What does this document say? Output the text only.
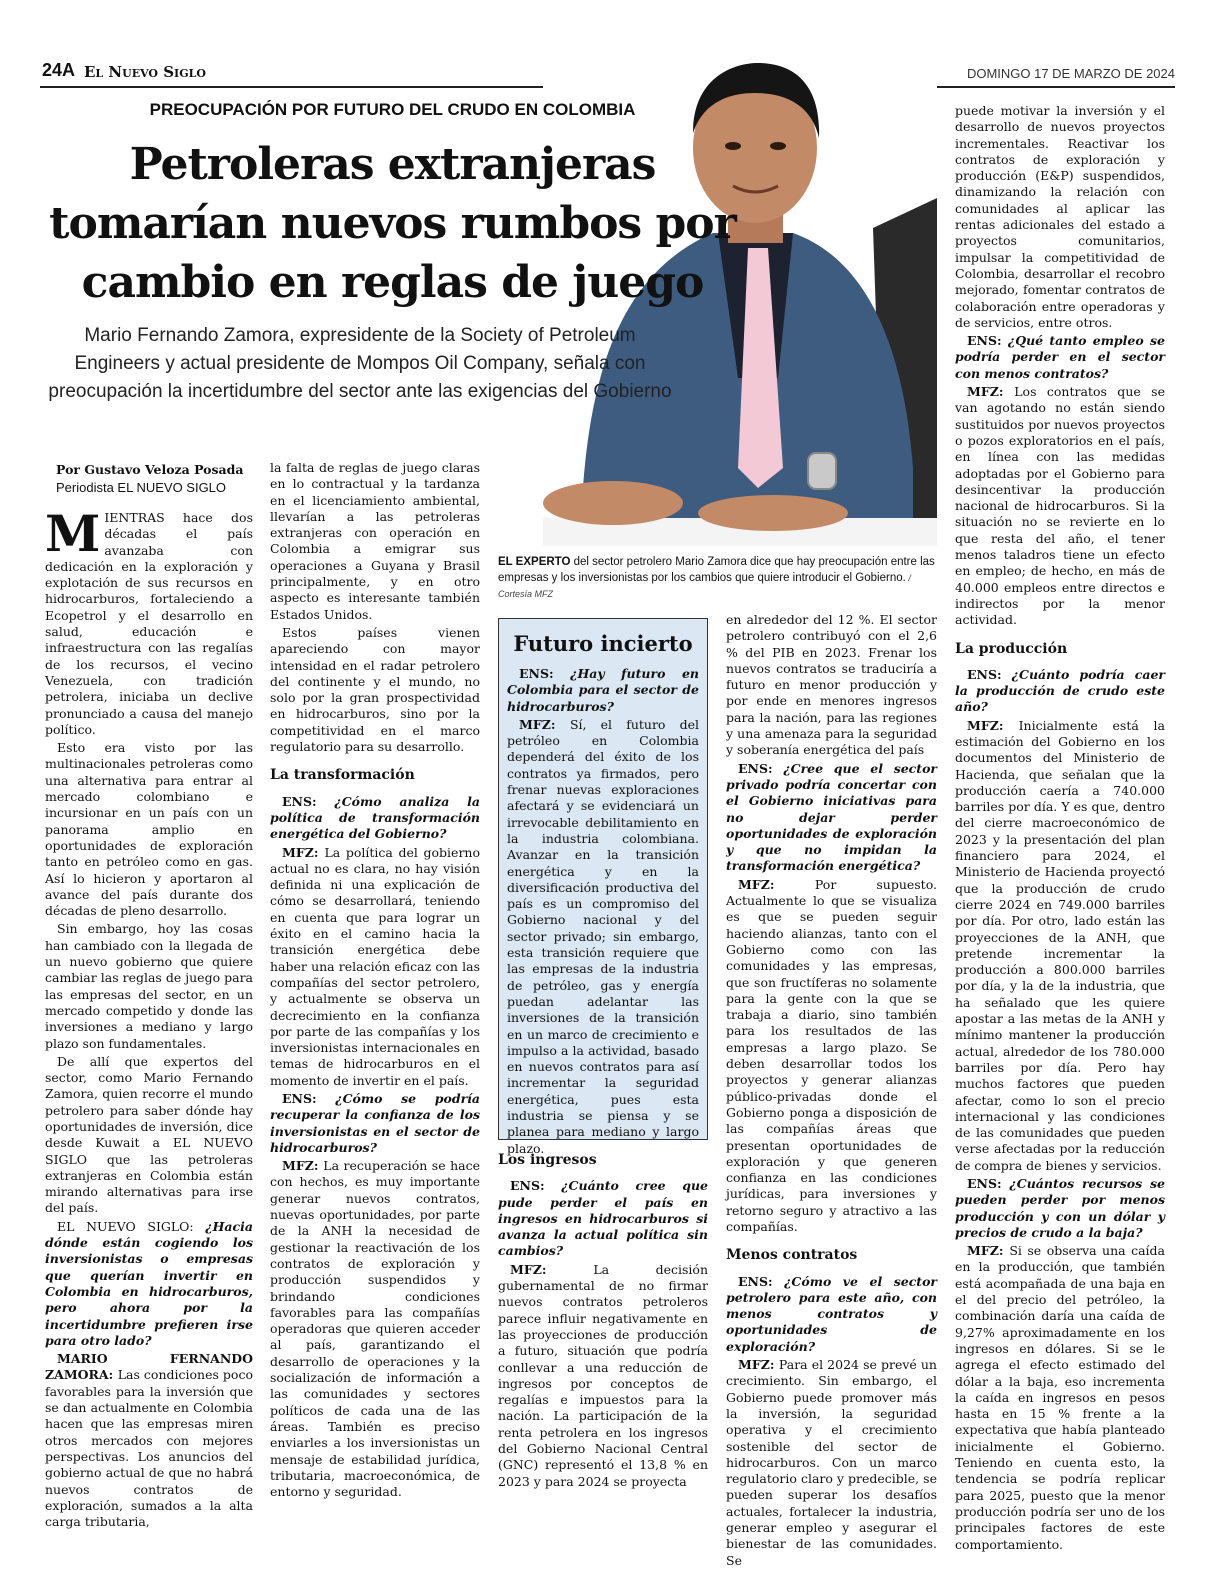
24A El Nuevo Siglo	DOMINGO 17 DE MARZO DE 2024
PREOCUPACIÓN POR FUTURO DEL CRUDO EN COLOMBIA
Petroleras extranjeras tomarían nuevos rumbos por cambio en reglas de juego
Mario Fernando Zamora, expresidente de la Society of Petroleum Engineers y actual presidente de Mompos Oil Company, señala con preocupación la incertidumbre del sector ante las exigencias del Gobierno
EL EXPERTO del sector petrolero Mario Zamora dice que hay preocupación entre las empresas y los inversionistas por los cambios que quiere introducir el Gobierno. / Cortesía MFZ
Por Gustavo Veloza Posada
Periodista EL NUEVO SIGLO

MIENTRAS hace dos décadas el país avanzaba con dedicación en la exploración y explotación de sus recursos en hidrocarburos, fortaleciendo a Ecopetrol y el desarrollo en salud, educación e infraestructura con las regalías de los recursos, el vecino Venezuela, con tradición petrolera, iniciaba un declive pronunciado a causa del manejo político.

Esto era visto por las multinacionales petroleras como una alternativa para entrar al mercado colombiano e incursionar en un país con un panorama amplio en oportunidades de exploración tanto en petróleo como en gas. Así lo hicieron y aportaron al avance del país durante dos décadas de pleno desarrollo.

Sin embargo, hoy las cosas han cambiado con la llegada de un nuevo gobierno que quiere cambiar las reglas de juego para las empresas del sector, en un mercado competido y donde las inversiones a mediano y largo plazo son fundamentales.

De allí que expertos del sector, como Mario Fernando Zamora, quien recorre el mundo petrolero para saber dónde hay oportunidades de inversión, dice desde Kuwait a EL NUEVO SIGLO que las petroleras extranjeras en Colombia están mirando alternativas para irse del país.

EL NUEVO SIGLO: ¿Hacia dónde están cogiendo los inversionistas o empresas que querían invertir en Colombia en hidrocarburos, pero ahora por la incertidumbre prefieren irse para otro lado?

MARIO FERNANDO ZAMORA: Las condiciones poco favorables para la inversión que se dan actualmente en Colombia hacen que las empresas miren otros mercados con mejores perspectivas. Los anuncios del gobierno actual de que no habrá nuevos contratos de exploración, sumados a la alta carga tributaria,

la falta de reglas de juego claras en lo contractual y la tardanza en el licenciamiento ambiental, llevarían a las petroleras extranjeras con operación en Colombia a emigrar sus operaciones a Guyana y Brasil principalmente, y en otro aspecto es interesante también Estados Unidos.

Estos países vienen apareciendo con mayor intensidad en el radar petrolero del continente y el mundo, no solo por la gran prospectividad en hidrocarburos, sino por la competitividad en el marco regulatorio para su desarrollo.

La transformación

ENS: ¿Cómo analiza la política de transformación energética del Gobierno?

MFZ: La política del gobierno actual no es clara, no hay visión definida ni una explicación de cómo se desarrollará, teniendo en cuenta que para lograr un éxito en el camino hacia la transición energética debe haber una relación eficaz con las compañías del sector petrolero, y actualmente se observa un decrecimiento en la confianza por parte de las compañías y los inversionistas internacionales en temas de hidrocarburos en el momento de invertir en el país.

ENS: ¿Cómo se podría recuperar la confianza de los inversionistas en el sector de hidrocarburos?

MFZ: La recuperación se hace con hechos, es muy importante generar nuevos contratos, nuevas oportunidades, por parte de la ANH la necesidad de gestionar la reactivación de los contratos de exploración y producción suspendidos y brindando condiciones favorables para las compañías operadoras que quieren acceder al país, garantizando el desarrollo de operaciones y la socialización de información a las comunidades y sectores políticos de cada una de las áreas. También es preciso enviarles a los inversionistas un mensaje de estabilidad jurídica, tributaria, macroeconómica, de entorno y seguridad.

Futuro incierto

ENS: ¿Hay futuro en Colombia para el sector de hidrocarburos?

MFZ: Sí, el futuro del petróleo en Colombia dependerá del éxito de los contratos ya firmados, pero frenar nuevas exploraciones afectará y se evidenciará un irrevocable debilitamiento en la industria colombiana. Avanzar en la transición energética y en la diversificación productiva del país es un compromiso del Gobierno nacional y del sector privado; sin embargo, esta transición requiere que las empresas de la industria de petróleo, gas y energía puedan adelantar las inversiones de la transición en un marco de crecimiento e impulso a la actividad, basado en nuevos contratos para así incrementar la seguridad energética, pues esta industria se piensa y se planea para mediano y largo plazo.

Los ingresos

ENS: ¿Cuánto cree que pude perder el país en ingresos en hidrocarburos si avanza la actual política sin cambios?

MFZ: La decisión gubernamental de no firmar nuevos contratos petroleros parece influir negativamente en las proyecciones de producción a futuro, situación que podría conllevar a una reducción de ingresos por conceptos de regalías e impuestos para la nación. La participación de la renta petrolera en los ingresos del Gobierno Nacional Central (GNC) representó el 13,8 % en 2023 y para 2024 se proyecta

en alrededor del 12 %. El sector petrolero contribuyó con el 2,6 % del PIB en 2023. Frenar los nuevos contratos se traduciría a futuro en menor producción y por ende en menores ingresos para la nación, para las regiones y una amenaza para la seguridad y soberanía energética del país

ENS: ¿Cree que el sector privado podría concertar con el Gobierno iniciativas para no dejar perder oportunidades de exploración y que no impidan la transformación energética?

MFZ: Por supuesto. Actualmente lo que se visualiza es que se pueden seguir haciendo alianzas, tanto con el Gobierno como con las comunidades y las empresas, que son fructíferas no solamente para la gente con la que se trabaja a diario, sino también para los resultados de las empresas a largo plazo. Se deben desarrollar todos los proyectos y generar alianzas público-privadas donde el Gobierno ponga a disposición de las compañías áreas que presentan oportunidades de exploración y que generen confianza en las condiciones jurídicas, para inversiones y retorno seguro y atractivo a las compañías.

Menos contratos

ENS: ¿Cómo ve el sector petrolero para este año, con menos contratos y oportunidades de exploración?

MFZ: Para el 2024 se prevé un crecimiento. Sin embargo, el Gobierno puede promover más la inversión, la seguridad operativa y el crecimiento sostenible del sector de hidrocarburos. Con un marco regulatorio claro y predecible, se pueden superar los desafíos actuales, fortalecer la industria, generar empleo y asegurar el bienestar de las comunidades. Se

puede motivar la inversión y el desarrollo de nuevos proyectos incrementales. Reactivar los contratos de exploración y producción (E&P) suspendidos, dinamizando la relación con comunidades al aplicar las rentas adicionales del estado a proyectos comunitarios, impulsar la competitividad de Colombia, desarrollar el recobro mejorado, fomentar contratos de colaboración entre operadoras y de servicios, entre otros.

ENS: ¿Qué tanto empleo se podría perder en el sector con menos contratos?

MFZ: Los contratos que se van agotando no están siendo sustituidos por nuevos proyectos o pozos exploratorios en el país, en línea con las medidas adoptadas por el Gobierno para desincentivar la producción nacional de hidrocarburos. Si la situación no se revierte en lo que resta del año, el tener menos taladros tiene un efecto en empleo; de hecho, en más de 40.000 empleos entre directos e indirectos por la menor actividad.

La producción

ENS: ¿Cuánto podría caer la producción de crudo este año?

MFZ: Inicialmente está la estimación del Gobierno en los documentos del Ministerio de Hacienda, que señalan que la producción caería a 740.000 barriles por día. Y es que, dentro del cierre macroeconómico de 2023 y la presentación del plan financiero para 2024, el Ministerio de Hacienda proyectó que la producción de crudo cierre 2024 en 749.000 barriles por día. Por otro, lado están las proyecciones de la ANH, que pretende incrementar la producción a 800.000 barriles por día, y la de la industria, que ha señalado que les quiere apostar a las metas de la ANH y mínimo mantener la producción actual, alrededor de los 780.000 barriles por día. Pero hay muchos factores que pueden afectar, como lo son el precio internacional y las condiciones de las comunidades que pueden verse afectadas por la reducción de compra de bienes y servicios.

ENS: ¿Cuántos recursos se pueden perder por menos producción y con un dólar y precios de crudo a la baja?

MFZ: Si se observa una caída en la producción, que también está acompañada de una baja en el del precio del petróleo, la combinación daría una caída de 9,27% aproximadamente en los ingresos en dólares. Si se le agrega el efecto estimado del dólar a la baja, eso incrementa la caída en ingresos en pesos hasta en 15 % frente a la expectativa que había planteado inicialmente el Gobierno. Teniendo en cuenta esto, la tendencia se podría replicar para 2025, puesto que la menor producción podría ser uno de los principales factores de este comportamiento.
